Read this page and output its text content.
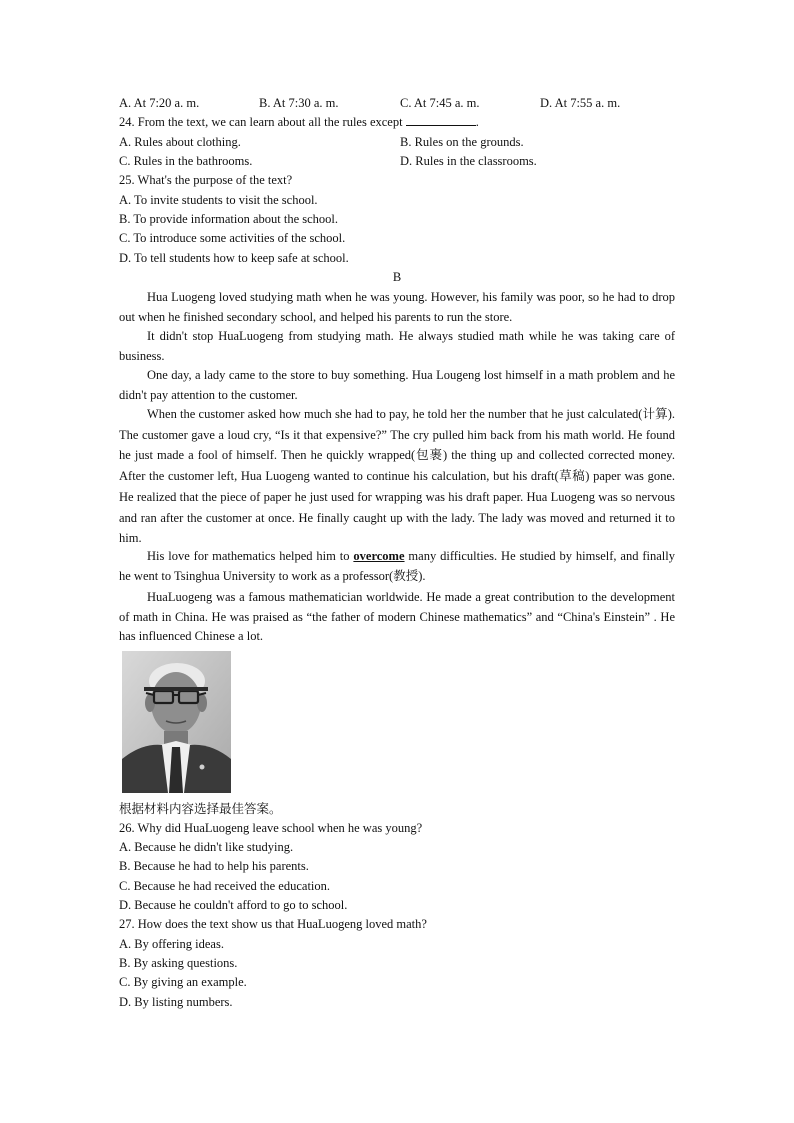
A. At 7:20 a. m.	B. At 7:30 a. m.	C. At 7:45 a. m.	D. At 7:55 a. m.
24. From the text, we can learn about all the rules except	.
A. Rules about clothing.	B. Rules on the grounds.
C. Rules in the bathrooms.	D. Rules in the classrooms.
25. What's the purpose of the text?
A. To invite students to visit the school.
B. To provide information about the school.
C. To introduce some activities of the school.
D. To tell students how to keep safe at school.
B
Hua Luogeng loved studying math when he was young. However, his family was poor, so he had to drop out when he finished secondary school, and helped his parents to run the store.
It didn't stop HuaLuogeng from studying math. He always studied math while he was taking care of business.
One day, a lady came to the store to buy something. Hua Lougeng lost himself in a math problem and he didn't pay attention to the customer.
When the customer asked how much she had to pay, he told her the number that he just calculated(计算). The customer gave a loud cry, “Is it that expensive?” The cry pulled him back from his math world. He found he just made a fool of himself. Then he quickly wrapped(包裹) the thing up and collected corrected money. After the customer left, Hua Luogeng wanted to continue his calculation, but his draft(草稿) paper was gone. He realized that the piece of paper he just used for wrapping was his draft paper. Hua Luogeng was so nervous and ran after the customer at once. He finally caught up with the lady. The lady was moved and returned it to him.
His love for mathematics helped him to overcome many difficulties. He studied by himself, and finally he went to Tsinghua University to work as a professor(教授).
HuaLuogeng was a famous mathematician worldwide. He made a great contribution to the development of math in China. He was praised as “the father of modern Chinese mathematics” and “China's Einstein” . He has influenced Chinese a lot.
根据材料内容选择最佳答案。
26. Why did HuaLuogeng leave school when he was young?
A. Because he didn't like studying.
B. Because he had to help his parents.
C. Because he had received the education.
D. Because he couldn't afford to go to school.
27. How does the text show us that HuaLuogeng loved math?
A. By offering ideas.
B. By asking questions.
C. By giving an example.
D. By listing numbers.
